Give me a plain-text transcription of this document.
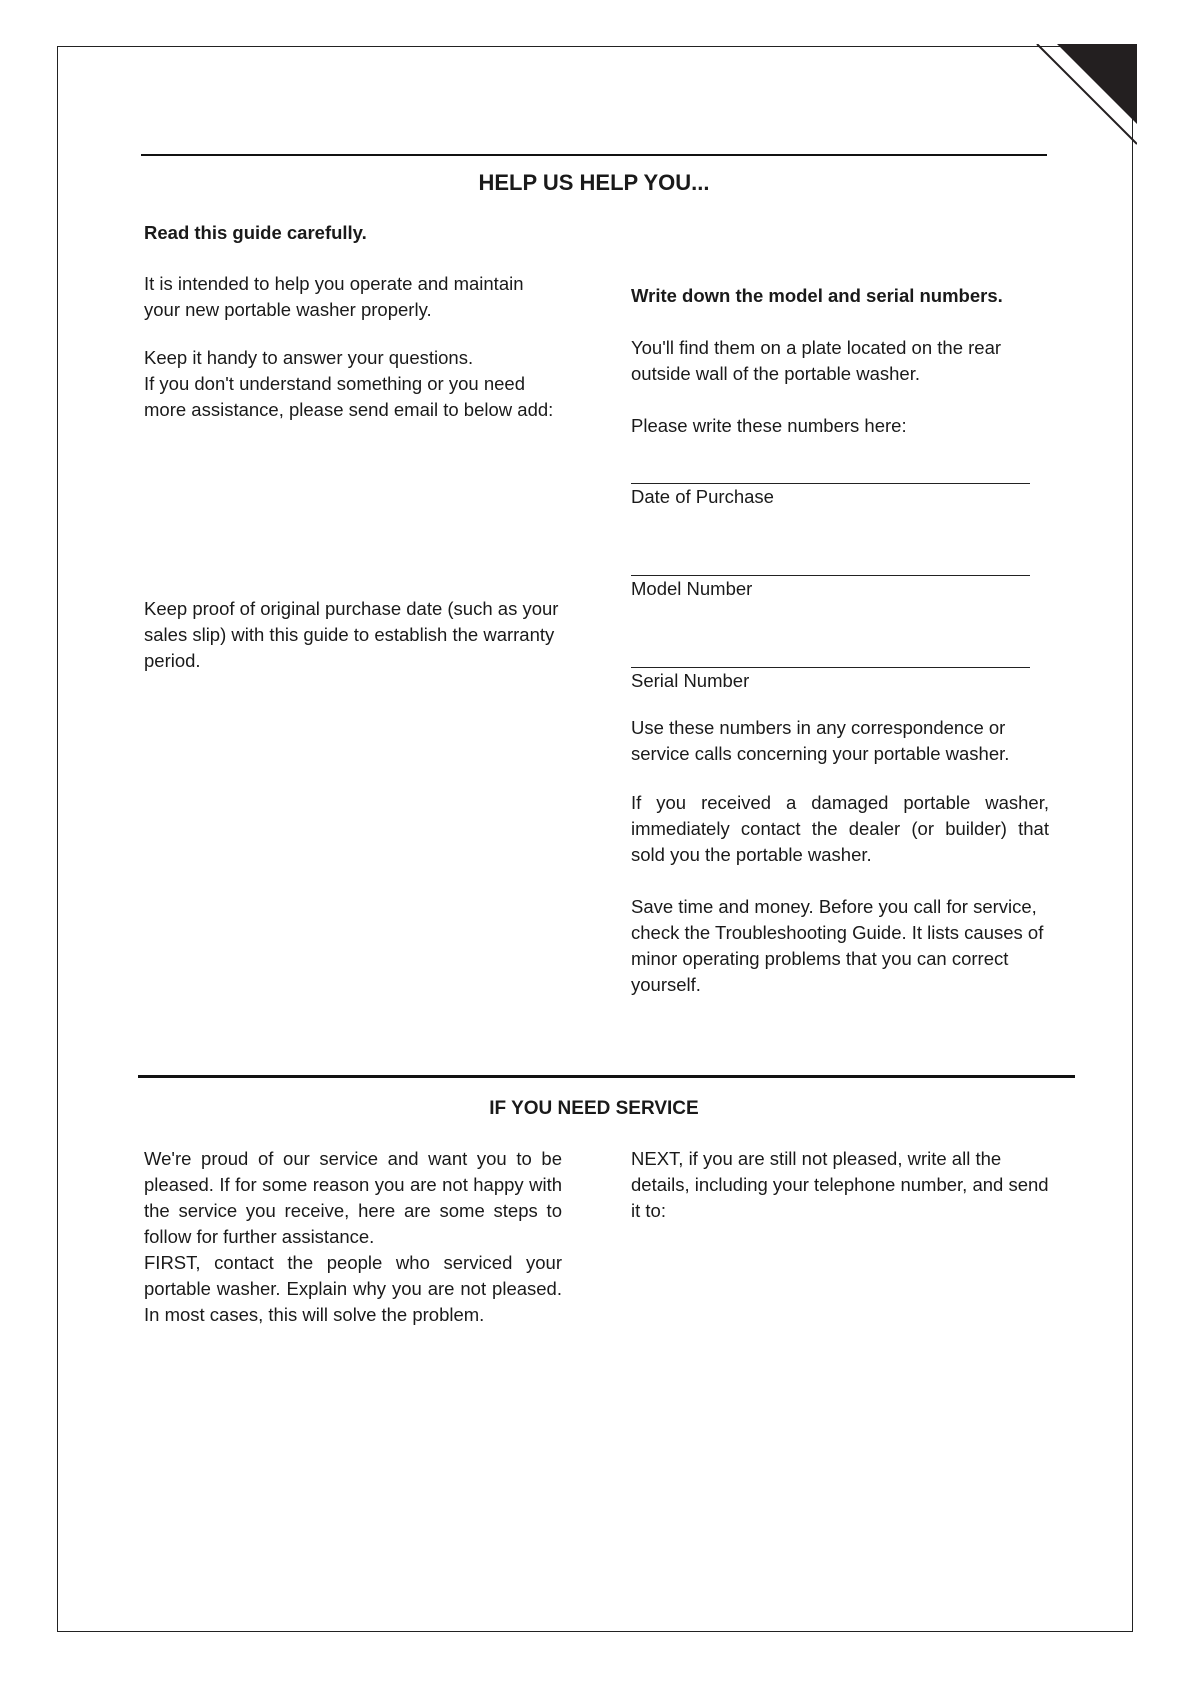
HELP US HELP YOU...

Read this guide carefully.

It is intended to help you operate and maintain your new portable washer properly.

Keep it handy to answer your questions.

If you don't understand something or you need more assistance, please send email to below add:

Keep proof of original purchase date (such as your sales slip) with this guide to establish the warranty period.

Write down the model and serial numbers.

You'll find them on a plate located on the rear outside wall of the portable washer.

Please write these numbers here:

Date of Purchase
Model Number
Serial Number

Use these numbers in any correspondence or service calls concerning your portable washer.

If you received a damaged portable washer, immediately contact the dealer (or builder) that sold you the portable washer.

Save time and money. Before you call for service, check the Troubleshooting Guide. It lists causes of minor operating problems that you can correct yourself.

IF YOU NEED SERVICE

We're proud of our service and want you to be pleased. If for some reason you are not happy with the service you receive, here are some steps to follow for further assistance.

FIRST, contact the people who serviced your portable washer. Explain why you are not pleased. In most cases, this will solve the problem.

NEXT, if you are still not pleased, write all the details, including your telephone number, and send it to:
